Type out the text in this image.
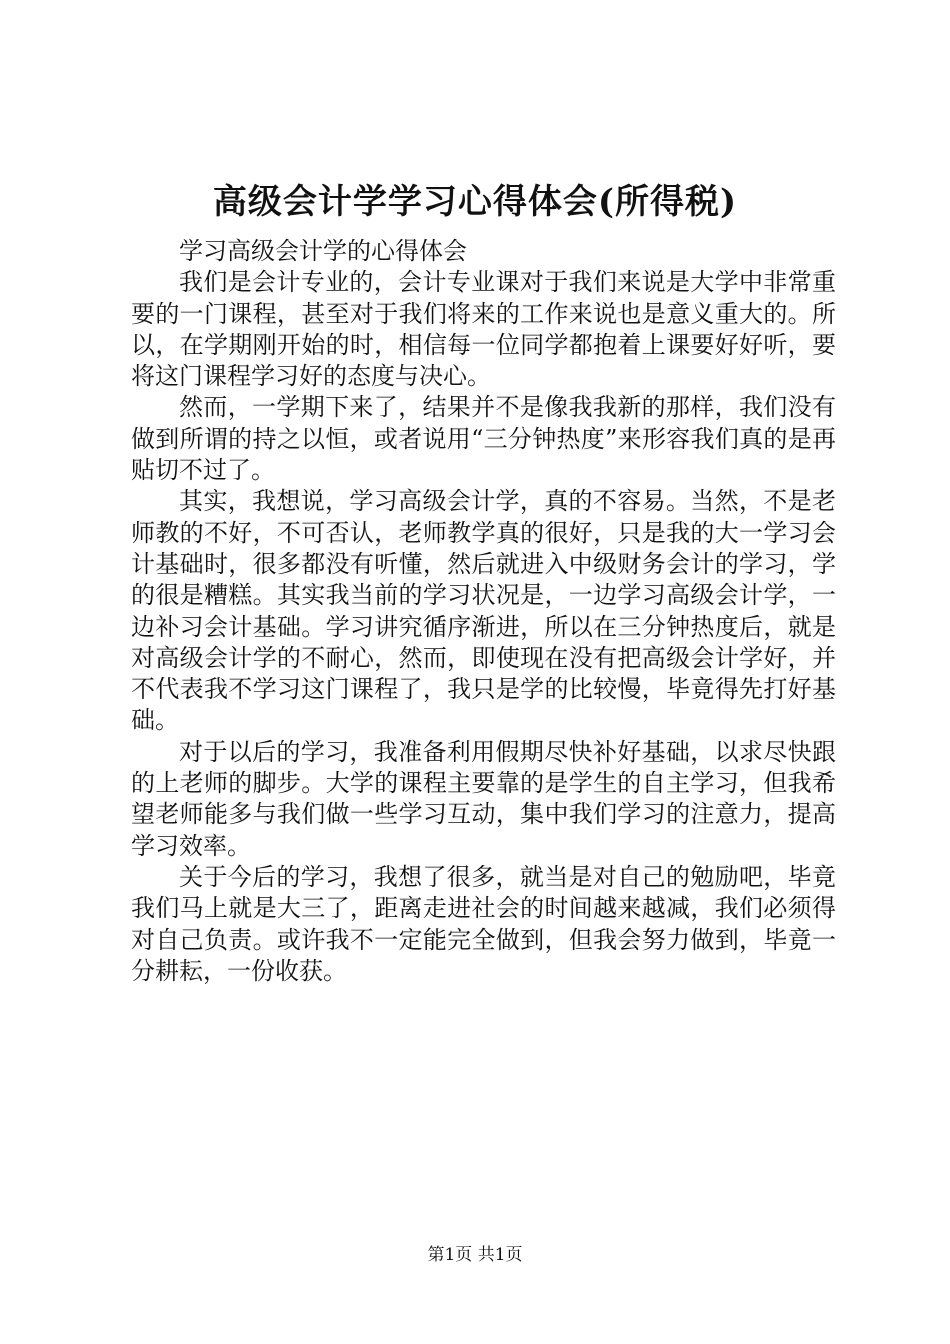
高级会计学学习心得体会(所得税)

学习高级会计学的心得体会

我们是会计专业的，会计专业课对于我们来说是大学中非常重要的一门课程，甚至对于我们将来的工作来说也是意义重大的。所以，在学期刚开始的时，相信每一位同学都抱着上课要好好听，要将这门课程学习好的态度与决心。

然而，一学期下来了，结果并不是像我我新的那样，我们没有做到所谓的持之以恒，或者说用“三分钟热度”来形容我们真的是再贴切不过了。

其实，我想说，学习高级会计学，真的不容易。当然，不是老师教的不好，不可否认，老师教学真的很好，只是我的大一学习会计基础时，很多都没有听懂，然后就进入中级财务会计的学习，学的很是糟糕。其实我当前的学习状况是，一边学习高级会计学，一边补习会计基础。学习讲究循序渐进，所以在三分钟热度后，就是对高级会计学的不耐心，然而，即使现在没有把高级会计学好，并不代表我不学习这门课程了，我只是学的比较慢，毕竟得先打好基础。

对于以后的学习，我准备利用假期尽快补好基础，以求尽快跟的上老师的脚步。大学的课程主要靠的是学生的自主学习，但我希望老师能多与我们做一些学习互动，集中我们学习的注意力，提高学习效率。

关于今后的学习，我想了很多，就当是对自己的勉励吧，毕竟我们马上就是大三了，距离走进社会的时间越来越减，我们必须得对自己负责。或许我不一定能完全做到，但我会努力做到，毕竟一分耕耘，一份收获。

第1页 共1页
